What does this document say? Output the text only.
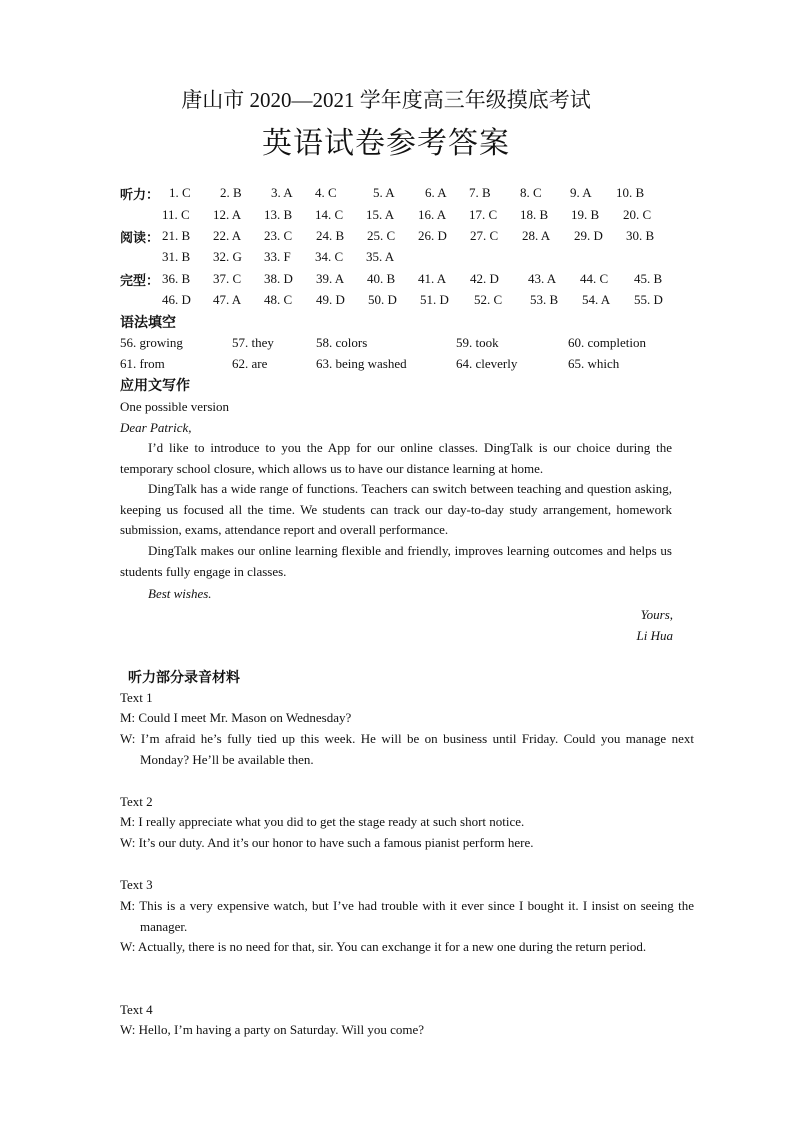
唐山市 2020—2021 学年度高三年级摸底考试
英语试卷参考答案
听力： 1. C 2. B 3. A 4. C	5. A 6. A 7. B 8. C 9. A 10. B
11. C 12. A 13. B 14. C 15. A 16. A 17. C 18. B 19. B 20. C
阅读： 21. B 22. A 23. C 24. B 25. C 26. D 27. C 28. A 29. D 30. B
31. B 32. G 33. F 34. C 35. A
完型： 36. B 37. C 38. D 39. A 40. B 41. A 42. D 43. A 44. C 45. B
46. D 47. A 48. C 49. D 50. D 51. D 52. C 53. B 54. A 55. D
语法填空
56. growing	57. they	58. colors	59. took	60. completion
61. from	62. are	63. being washed	64. cleverly	65. which
应用文写作
One possible version
Dear Patrick,

I’d like to introduce to you the App for our online classes. DingTalk is our choice during the temporary school closure, which allows us to have our distance learning at home.

DingTalk has a wide range of functions. Teachers can switch between teaching and question asking, keeping us focused all the time. We students can track our day-to-day study arrangement, homework submission, exams, attendance report and overall performance.

DingTalk makes our online learning flexible and friendly, improves learning outcomes and helps us students fully engage in classes.

Best wishes.
Yours,
Li Hua
听力部分录音材料
Text 1

M: Could I meet Mr. Mason on Wednesday?

W: I’m afraid he’s fully tied up this week. He will be on business until Friday. Could you manage next Monday? He’ll be available then.

Text 2

M: I really appreciate what you did to get the stage ready at such short notice.

W: It’s our duty. And it’s our honor to have such a famous pianist perform here.

Text 3

M: This is a very expensive watch, but I’ve had trouble with it ever since I bought it. I insist on seeing the manager.

W: Actually, there is no need for that, sir. You can exchange it for a new one during the return period.

Text 4

W: Hello, I’m having a party on Saturday. Will you come?
